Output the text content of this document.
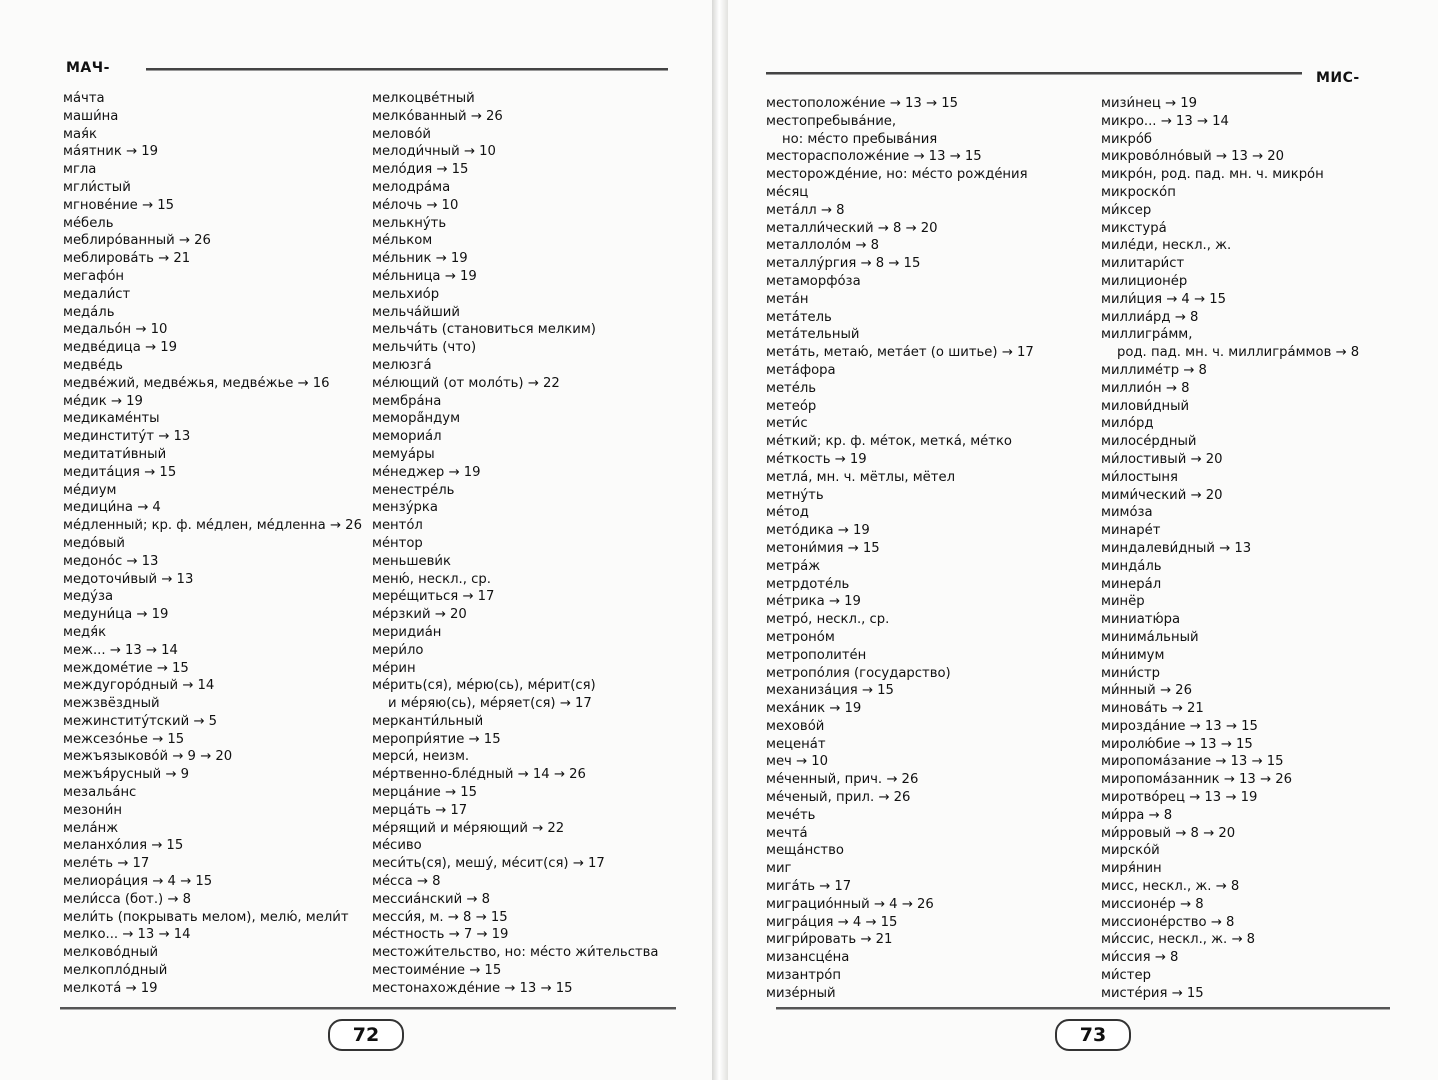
МАЧ-
ма́чта
маши́на
мая́к
ма́ятник → 19
мгла
мгли́стый
мгнове́ние → 15
ме́бель
меблиро́ванный → 26
меблирова́ть → 21
мегафо́н
медали́ст
меда́ль
медальо́н → 10
медве́дица → 19
медве́дь
медве́жий, медве́жья, медве́жье → 16
ме́дик → 19
медикаме́нты
мединститу́т → 13
медитати́вный
медита́ция → 15
ме́диум
медици́на → 4
ме́дленный; кр. ф. ме́длен, ме́дленна → 26
медо́вый
медоно́с → 13
медоточи́вый → 13
меду́за
медуни́ца → 19
медя́к
меж... → 13 → 14
междоме́тие → 15
междугоро́дный → 14
межзвёздный
межинститу́тский → 5
межсезо́нье → 15
межъязыково́й → 9 → 20
межъя́русный → 9
мезальа́нс
мезони́н
мела́нж
меланхо́лия → 15
меле́ть → 17
мелиора́ция → 4 → 15
мели́сса (бот.) → 8
мели́ть (покрывать мелом), мелю́, мели́т
мелко... → 13 → 14
мелково́дный
мелкопло́дный
мелкота́ → 19
мелкоцве́тный
мелко́ванный → 26
мелово́й
мелоди́чный → 10
мело́дия → 15
мелодра́ма
ме́лочь → 10
мелькну́ть
ме́льком
ме́льник → 19
ме́льница → 19
мельхио́р
мельча́йший
мельча́ть (становиться мелким)
мельчи́ть (что)
мелюзга́
ме́лющий (от моло́ть) → 22
мембра́на
меморa̋ндум
мемориа́л
мемуа́ры
ме́неджер → 19
менестре́ль
мензу́рка
менто́л
ме́нтор
меньшеви́к
меню́, нескл., ср.
мере́щиться → 17
ме́рзкий → 20
меридиа́н
мери́ло
ме́рин
ме́рить(ся), ме́рю(сь), ме́рит(ся)
и ме́ряю(сь), ме́ряет(ся) → 17
мерканти́льный
меропри́ятие → 15
мерси́, неизм.
ме́ртвенно-бле́дный → 14 → 26
мерца́ние → 15
мерца́ть → 17
ме́рящий и ме́ряющий → 22
ме́сиво
меси́ть(ся), мешу́, ме́сит(ся) → 17
ме́сса → 8
мессиа́нский → 8
месси́я, м. → 8 → 15
ме́стность → 7 → 19
местожи́тельство, но: ме́сто жи́тельства
местоиме́ние → 15
местонахожде́ние → 13 → 15
72
МИС-
местоположе́ние → 13 → 15
местопребыва́ние,
но: ме́сто пребыва́ния
месторасположе́ние → 13 → 15
месторожде́ние, но: ме́сто рожде́ния
ме́сяц
мета́лл → 8
металли́ческий → 8 → 20
металлоло́м → 8
металлу́ргия → 8 → 15
метаморфо́за
мета́н
мета́тель
мета́тельный
мета́ть, метаю́, мета́ет (о шитье) → 17
мета́фора
мете́ль
метео́р
мети́с
ме́ткий; кр. ф. ме́ток, метка́, ме́тко
ме́ткость → 19
метла́, мн. ч. мётлы, мётел
метну́ть
ме́тод
мето́дика → 19
метони́мия → 15
метра́ж
метрдоте́ль
ме́трика → 19
метро́, нескл., ср.
метроно́м
метрополите́н
метропо́лия (государство)
механиза́ция → 15
меха́ник → 19
мехово́й
мецена́т
меч → 10
ме́ченный, прич. → 26
ме́ченый, прил. → 26
мече́ть
мечта́
меща́нство
миг
мига́ть → 17
миграцио́нный → 4 → 26
мигра́ция → 4 → 15
мигри́ровать → 21
мизансце́на
мизантро́п
мизе́рный
мизи́нец → 19
микро... → 13 → 14
микро́б
микрово́лно́вый → 13 → 20
микро́н, род. пад. мн. ч. микро́н
микроско́п
ми́ксер
микстура́
миле́ди, нескл., ж.
милитари́ст
милиционе́р
мили́ция → 4 → 15
миллиа́рд → 8
миллигра́мм,
род. пад. мн. ч. миллигра́ммов → 8
миллиме́тр → 8
миллио́н → 8
милови́дный
мило́рд
милосе́рдный
ми́лостивый → 20
ми́лостыня
мими́ческий → 20
мимо́за
минаре́т
миндалеви́дный → 13
минда́ль
минера́л
минёр
миниатю́ра
минима́льный
ми́нимум
мини́стр
ми́нный → 26
минова́ть → 21
мирозда́ние → 13 → 15
миролю́бие → 13 → 15
миропома́зание → 13 → 15
миропома́занник → 13 → 26
миротво́рец → 13 → 19
ми́рра → 8
ми́рровый → 8 → 20
мирско́й
миря́нин
мисс, нескл., ж. → 8
миссионе́р → 8
миссионе́рство → 8
ми́ссис, нескл., ж. → 8
ми́ссия → 8
ми́стер
мисте́рия → 15
73
